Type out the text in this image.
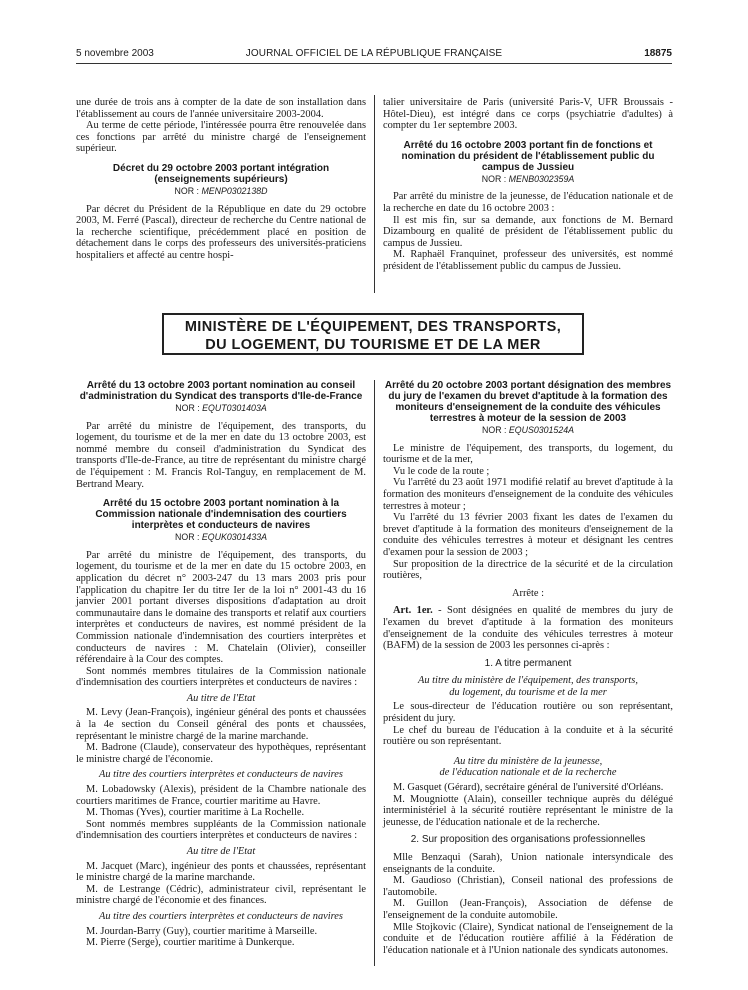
5 novembre 2003	JOURNAL OFFICIEL DE LA RÉPUBLIQUE FRANÇAISE	18875

une durée de trois ans à compter de la date de son installation dans l'établissement au cours de l'année universitaire 2003-2004.

Au terme de cette période, l'intéressée pourra être renouvelée dans ces fonctions par arrêté du ministre chargé de l'enseignement supérieur.

Décret du 29 octobre 2003 portant intégration (enseignements supérieurs)
NOR : MENP0302138D

Par décret du Président de la République en date du 29 octobre 2003, M. Ferré (Pascal), directeur de recherche du Centre national de la recherche scientifique, précédemment placé en position de détachement dans le corps des professeurs des universités-praticiens hospitaliers et affecté au centre hospi-

talier universitaire de Paris (université Paris-V, UFR Broussais - Hôtel-Dieu), est intégré dans ce corps (psychiatrie d'adultes) à compter du 1er septembre 2003.

Arrêté du 16 octobre 2003 portant fin de fonctions et nomination du président de l'établissement public du campus de Jussieu
NOR : MENB0302359A

Par arrêté du ministre de la jeunesse, de l'éducation nationale et de la recherche en date du 16 octobre 2003 :

Il est mis fin, sur sa demande, aux fonctions de M. Bernard Dizambourg en qualité de président de l'établissement public du campus de Jussieu.

M. Raphaël Franquinet, professeur des universités, est nommé président de l'établissement public du campus de Jussieu.

MINISTÈRE DE L'ÉQUIPEMENT, DES TRANSPORTS,
DU LOGEMENT, DU TOURISME ET DE LA MER
Arrêté du 13 octobre 2003 portant nomination au conseil d'administration du Syndicat des transports d'Ile-de-France
NOR : EQUT0301403A

Par arrêté du ministre de l'équipement, des transports, du logement, du tourisme et de la mer en date du 13 octobre 2003, est nommé membre du conseil d'administration du Syndicat des transports d'Ile-de-France, au titre de représentant du ministre chargé de l'équipement : M. Francis Rol-Tanguy, en remplacement de M. Bertrand Meary.

Arrêté du 15 octobre 2003 portant nomination à la Commission nationale d'indemnisation des courtiers interprètes et conducteurs de navires
NOR : EQUK0301433A

Par arrêté du ministre de l'équipement, des transports, du logement, du tourisme et de la mer en date du 15 octobre 2003, en application du décret n° 2003-247 du 13 mars 2003 pris pour l'application du chapitre Ier du titre Ier de la loi n° 2001-43 du 16 janvier 2001 portant diverses dispositions d'adaptation au droit communautaire dans le domaine des transports et relatif aux courtiers interprètes et conducteurs de navires, est nommé président de la Commission nationale d'indemnisation des courtiers interprètes et conducteurs de navires : M. Chatelain (Olivier), conseiller référendaire à la Cour des comptes.

Sont nommés membres titulaires de la Commission nationale d'indemnisation des courtiers interprètes et conducteurs de navires :

Au titre de l'Etat

M. Levy (Jean-François), ingénieur général des ponts et chaussées à la 4e section du Conseil général des ponts et chaussées, représentant le ministre chargé de la marine marchande.

M. Badrone (Claude), conservateur des hypothèques, représentant le ministre chargé de l'économie.

Au titre des courtiers interprètes et conducteurs de navires

M. Lobadowsky (Alexis), président de la Chambre nationale des courtiers maritimes de France, courtier maritime au Havre.

M. Thomas (Yves), courtier maritime à La Rochelle.

Sont nommés membres suppléants de la Commission nationale d'indemnisation des courtiers interprètes et conducteurs de navires :

Au titre de l'Etat

M. Jacquet (Marc), ingénieur des ponts et chaussées, représentant le ministre chargé de la marine marchande.

M. de Lestrange (Cédric), administrateur civil, représentant le ministre chargé de l'économie et des finances.

Au titre des courtiers interprètes et conducteurs de navires

M. Jourdan-Barry (Guy), courtier maritime à Marseille.

M. Pierre (Serge), courtier maritime à Dunkerque.

Arrêté du 20 octobre 2003 portant désignation des membres du jury de l'examen du brevet d'aptitude à la formation des moniteurs d'enseignement de la conduite des véhicules terrestres à moteur de la session de 2003
NOR : EQUS0301524A

Le ministre de l'équipement, des transports, du logement, du tourisme et de la mer,

Vu le code de la route ;

Vu l'arrêté du 23 août 1971 modifié relatif au brevet d'aptitude à la formation des moniteurs d'enseignement de la conduite des véhicules terrestres à moteur ;

Vu l'arrêté du 13 février 2003 fixant les dates de l'examen du brevet d'aptitude à la formation des moniteurs d'enseignement de la conduite des véhicules terrestres à moteur et désignant les centres d'examen pour la session de 2003 ;

Sur proposition de la directrice de la sécurité et de la circulation routières,

Arrête :

Art. 1er. - Sont désignées en qualité de membres du jury de l'examen du brevet d'aptitude à la formation des moniteurs d'enseignement de la conduite des véhicules terrestres à moteur (BAFM) de la session de 2003 les personnes ci-après :

1. A titre permanent
Au titre du ministère de l'équipement, des transports,
du logement, du tourisme et de la mer

Le sous-directeur de l'éducation routière ou son représentant, président du jury.

Le chef du bureau de l'éducation à la conduite et à la sécurité routière ou son représentant.

Au titre du ministère de la jeunesse,
de l'éducation nationale et de la recherche

M. Gasquet (Gérard), secrétaire général de l'université d'Orléans.

M. Mougniotte (Alain), conseiller technique auprès du délégué interministériel à la sécurité routière représentant le ministre de la jeunesse, de l'éducation nationale et de la recherche.

2. Sur proposition des organisations professionnelles

Mlle Benzaqui (Sarah), Union nationale intersyndicale des enseignants de la conduite.

M. Gaudioso (Christian), Conseil national des professions de l'automobile.

M. Guillon (Jean-François), Association de défense de l'enseignement de la conduite automobile.

Mlle Stojkovic (Claire), Syndicat national de l'enseignement de la conduite et de l'éducation routière affilié à la Fédération de l'éducation nationale et à l'Union nationale des syndicats autonomes.
